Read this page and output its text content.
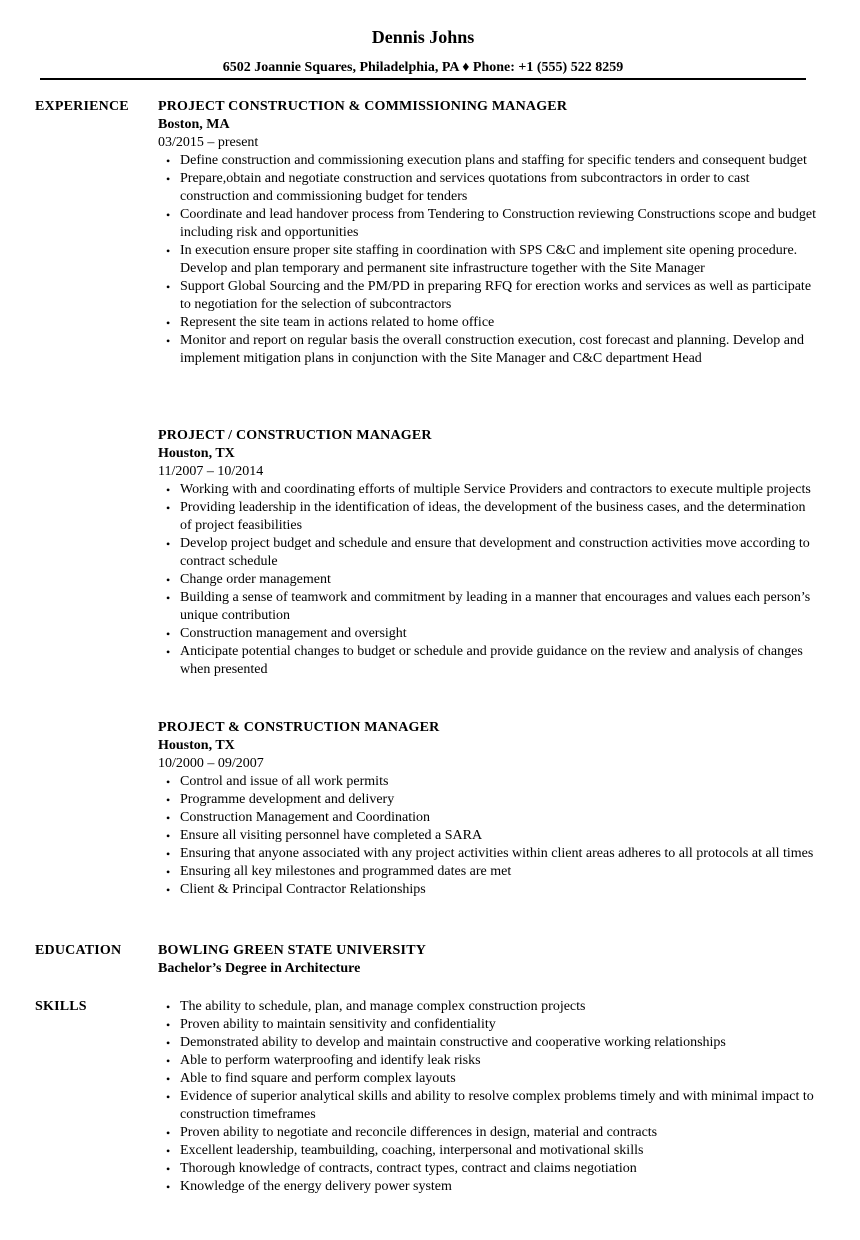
Dennis Johns
6502 Joannie Squares, Philadelphia, PA ♦ Phone: +1 (555) 522 8259
EXPERIENCE	PROJECT CONSTRUCTION & COMMISSIONING MANAGER
Boston, MA
03/2015 – present
• Define construction and commissioning execution plans and staffing for specific tenders and consequent budget
• Prepare,obtain and negotiate construction and services quotations from subcontractors in order to cast construction and commissioning budget for tenders
• Coordinate and lead handover process from Tendering to Construction reviewing Constructions scope and budget including risk and opportunities
• In execution ensure proper site staffing in coordination with SPS C&C and implement site opening procedure. Develop and plan temporary and permanent site infrastructure together with the Site Manager
• Support Global Sourcing and the PM/PD in preparing RFQ for erection works and services as well as participate to negotiation for the selection of subcontractors
• Represent the site team in actions related to home office
• Monitor and report on regular basis the overall construction execution, cost forecast and planning. Develop and implement mitigation plans in conjunction with the Site Manager and C&C department Head
PROJECT / CONSTRUCTION MANAGER
Houston, TX
11/2007 – 10/2014
• Working with and coordinating efforts of multiple Service Providers and contractors to execute multiple projects
• Providing leadership in the identification of ideas, the development of the business cases, and the determination of project feasibilities
• Develop project budget and schedule and ensure that development and construction activities move according to contract schedule
• Change order management
• Building a sense of teamwork and commitment by leading in a manner that encourages and values each person’s unique contribution
• Construction management and oversight
• Anticipate potential changes to budget or schedule and provide guidance on the review and analysis of changes when presented
PROJECT & CONSTRUCTION MANAGER
Houston, TX
10/2000 – 09/2007
• Control and issue of all work permits
• Programme development and delivery
• Construction Management and Coordination
• Ensure all visiting personnel have completed a SARA
• Ensuring that anyone associated with any project activities within client areas adheres to all protocols at all times
• Ensuring all key milestones and programmed dates are met
• Client & Principal Contractor Relationships
EDUCATION	BOWLING GREEN STATE UNIVERSITY
Bachelor’s Degree in Architecture
SKILLS
•	The ability to schedule, plan, and manage complex construction projects
• Proven ability to maintain sensitivity and confidentiality
• Demonstrated ability to develop and maintain constructive and cooperative working relationships
• Able to perform waterproofing and identify leak risks
• Able to find square and perform complex layouts
• Evidence of superior analytical skills and ability to resolve complex problems timely and with minimal impact to construction timeframes
• Proven ability to negotiate and reconcile differences in design, material and contracts
• Excellent leadership, teambuilding, coaching, interpersonal and motivational skills
• Thorough knowledge of contracts, contract types, contract and claims negotiation
• Knowledge of the energy delivery power system
